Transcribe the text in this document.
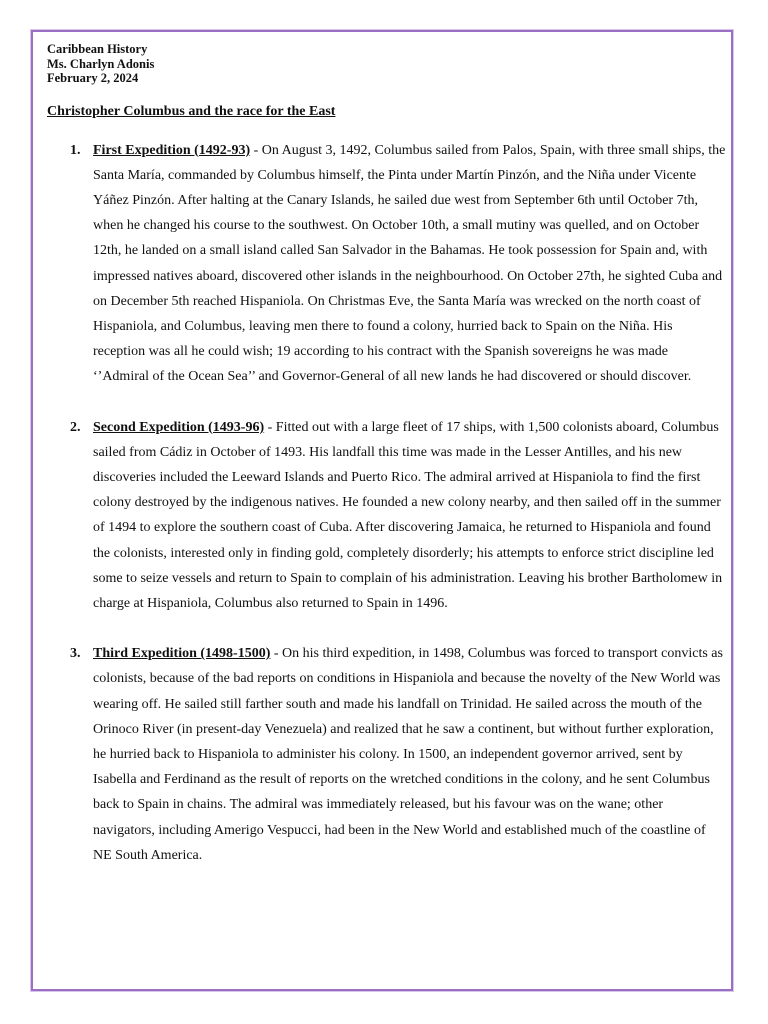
Caribbean History

Ms. Charlyn Adonis

February 2, 2024

Christopher Columbus and the race for the East

1. First Expedition (1492-93) - On August 3, 1492, Columbus sailed from Palos, Spain, with three small ships, the Santa María, commanded by Columbus himself, the Pinta under Martín Pinzón, and the Niña under Vicente Yáñez Pinzón. After halting at the Canary Islands, he sailed due west from September 6th until October 7th, when he changed his course to the southwest. On October 10th, a small mutiny was quelled, and on October 12th, he landed on a small island called San Salvador in the Bahamas. He took possession for Spain and, with impressed natives aboard, discovered other islands in the neighbourhood. On October 27th, he sighted Cuba and on December 5th reached Hispaniola. On Christmas Eve, the Santa María was wrecked on the north coast of Hispaniola, and Columbus, leaving men there to found a colony, hurried back to Spain on the Niña. His reception was all he could wish; 19 according to his contract with the Spanish sovereigns he was made ‘’Admiral of the Ocean Sea’’ and Governor-General of all new lands he had discovered or should discover.

2. Second Expedition (1493-96) - Fitted out with a large fleet of 17 ships, with 1,500 colonists aboard, Columbus sailed from Cádiz in October of 1493. His landfall this time was made in the Lesser Antilles, and his new discoveries included the Leeward Islands and Puerto Rico. The admiral arrived at Hispaniola to find the first colony destroyed by the indigenous natives. He founded a new colony nearby, and then sailed off in the summer of 1494 to explore the southern coast of Cuba. After discovering Jamaica, he returned to Hispaniola and found the colonists, interested only in finding gold, completely disorderly; his attempts to enforce strict discipline led some to seize vessels and return to Spain to complain of his administration. Leaving his brother Bartholomew in charge at Hispaniola, Columbus also returned to Spain in 1496.

3. Third Expedition (1498-1500) - On his third expedition, in 1498, Columbus was forced to transport convicts as colonists, because of the bad reports on conditions in Hispaniola and because the novelty of the New World was wearing off. He sailed still farther south and made his landfall on Trinidad. He sailed across the mouth of the Orinoco River (in present-day Venezuela) and realized that he saw a continent, but without further exploration, he hurried back to Hispaniola to administer his colony. In 1500, an independent governor arrived, sent by Isabella and Ferdinand as the result of reports on the wretched conditions in the colony, and he sent Columbus back to Spain in chains. The admiral was immediately released, but his favour was on the wane; other navigators, including Amerigo Vespucci, had been in the New World and established much of the coastline of NE South America.
